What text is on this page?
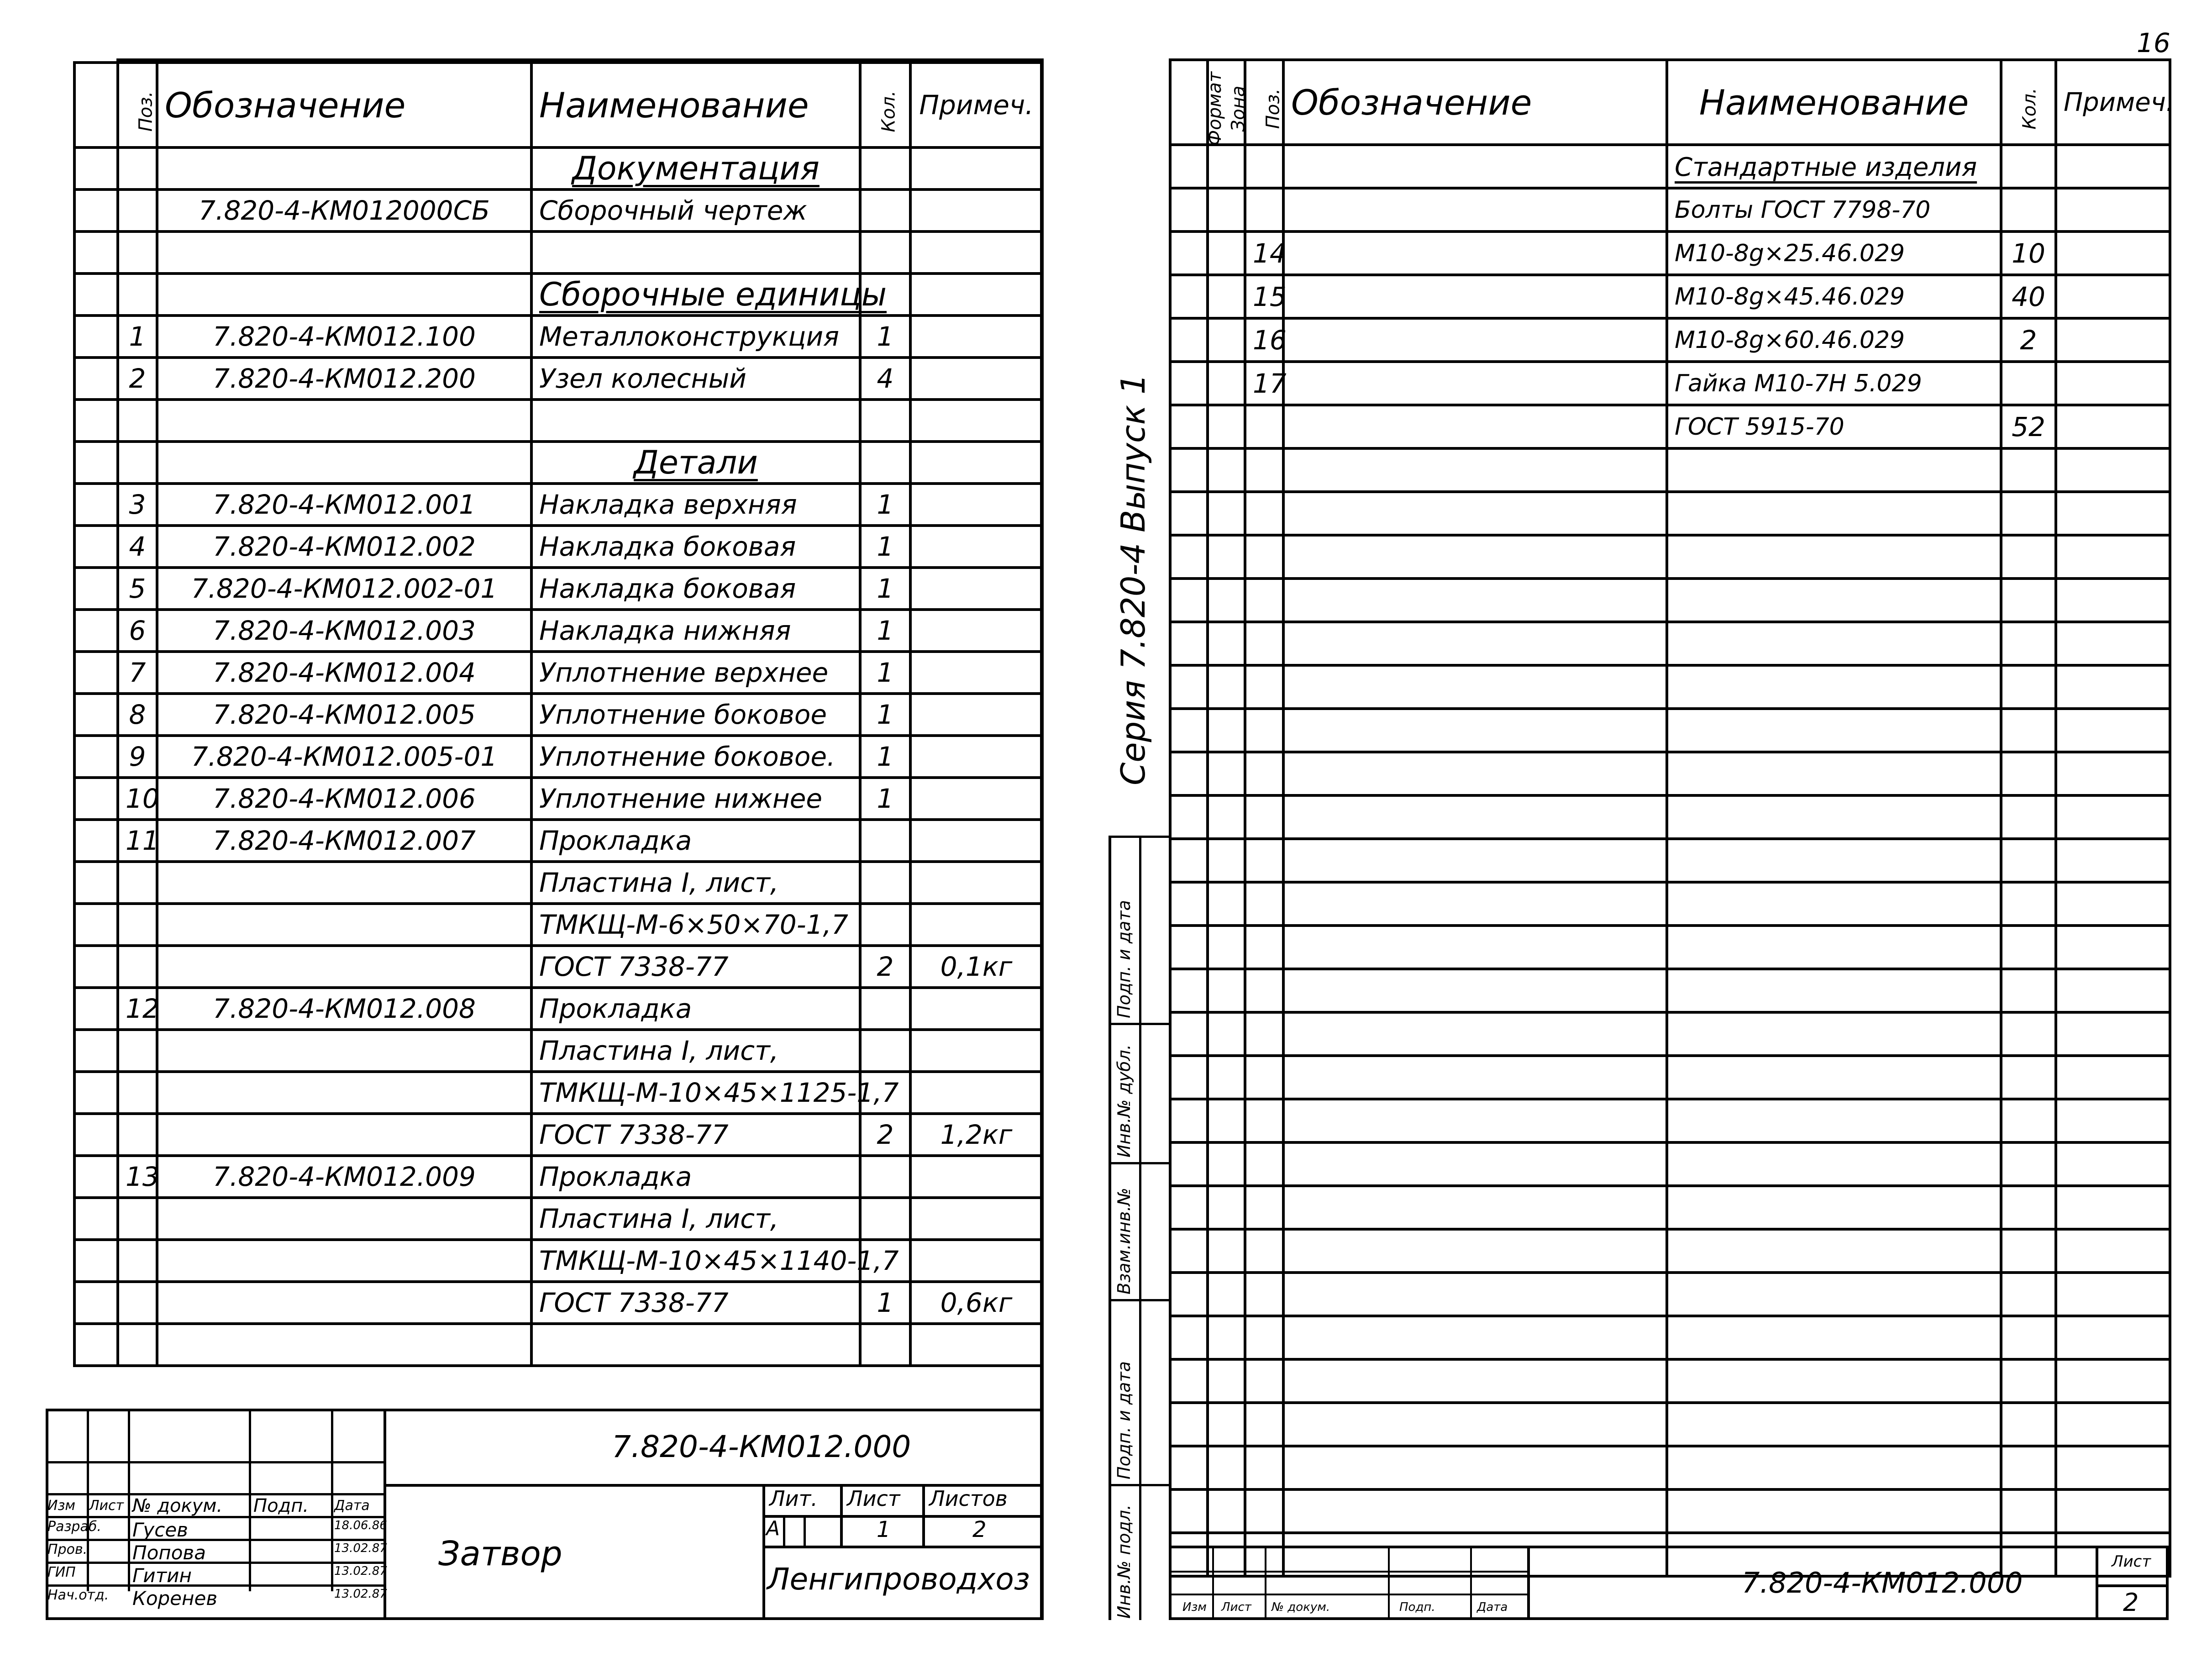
16
	Поз.	Обозначение	Наименование	Кол.	Примеч.
			Документация		
		7.820-4-КМ012000СБ	Сборочный чертеж		

			Сборочные единицы		
	1	7.820-4-КМ012.100	Металлоконструкция	1	
	2	7.820-4-КМ012.200	Узел колесный	4	

			Детали		
	3	7.820-4-КМ012.001	Накладка верхняя	1	
	4	7.820-4-КМ012.002	Накладка боковая	1	
	5	7.820-4-КМ012.002-01	Накладка боковая	1	
	6	7.820-4-КМ012.003	Накладка нижняя	1	
	7	7.820-4-КМ012.004	Уплотнение верхнее	1	
	8	7.820-4-КМ012.005	Уплотнение боковое	1	
	9	7.820-4-КМ012.005-01	Уплотнение боковое.	1	
	10	7.820-4-КМ012.006	Уплотнение нижнее	1	
	11	7.820-4-КМ012.007	Прокладка		
			Пластина I, лист,		
			ТМКЩ-М-6×50×70-1,7		
			ГОСТ 7338-77	2	0,1кг
	12	7.820-4-КМ012.008	Прокладка		
			Пластина I, лист,		
			ТМКЩ-М-10×45×1125-1,7		
			ГОСТ 7338-77	2	1,2кг
	13	7.820-4-КМ012.009	Прокладка		
			Пластина I, лист,		
			ТМКЩ-М-10×45×1140-1,7		
			ГОСТ 7338-77	1	0,6кг

Изм Лист № докум. Подп. Дата
Разраб. Гусев	18.06.86
Пров. Попова	13.02.87
ГИП	Гитин	13.02.87
Нач.отд. Коренев	13.02.87
7.820-4-КМ012.000
Затвор
Лит. Лист Листов
А	1	2
Ленгипроводхоз
Формат	Зона	Поз.	Обозначение	Наименование	Кол.	Примеч.
				Стандартные изделия		
				Болты ГОСТ 7798-70		
		14		М10-8g×25.46.029	10	
		15		М10-8g×45.46.029	40	
		16		М10-8g×60.46.029	2	
		17		Гайка М10-7Н 5.029		
				ГОСТ 5915-70	52	

Изм Лист № докум.	Подп.	Дата
7.820-4-КМ012.000
Лист
2
Подп. и дата
Инв.№ дубл.
Взам.инв.№
Подп. и дата
Инв.№ подл.
Серия 7.820-4 Выпуск 1
